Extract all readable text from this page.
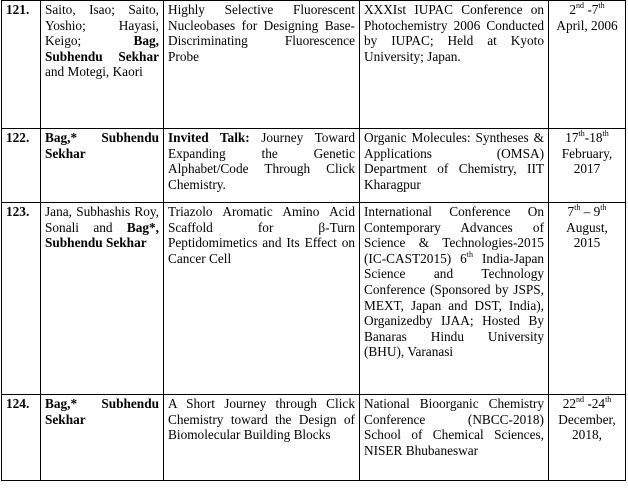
121.	Saito, Isao; Saito, Yoshio; Hayasi, Keigo; Bag, Subhendu Sekhar and Motegi, Kaori	Highly Selective Fluorescent Nucleobases for Designing Base-Discriminating Fluorescence Probe	XXXIst IUPAC Conference on Photochemistry 2006 Conducted by IUPAC; Held at Kyoto University; Japan.	2nd -7th April, 2006
122.	Bag,* Subhendu Sekhar	Invited Talk: Journey Toward Expanding the Genetic Alphabet/Code Through Click Chemistry.	Organic Molecules: Syntheses & Applications (OMSA) Department of Chemistry, IIT Kharagpur	17th-18th February, 2017
123.	Jana, Subhashis Roy, Sonali and Bag*, Subhendu Sekhar	Triazolo Aromatic Amino Acid Scaffold for β-Turn Peptidomimetics and Its Effect on Cancer Cell	International Conference On Contemporary Advances of Science & Technologies-2015 (IC-CAST2015) 6th India-Japan Science and Technology Conference (Sponsored by JSPS, MEXT, Japan and DST, India), Organizedby IJAA; Hosted By Banaras Hindu University (BHU), Varanasi	7th – 9th August, 2015
124.	Bag,* Subhendu Sekhar	A Short Journey through Click Chemistry toward the Design of Biomolecular Building Blocks	National Bioorganic Chemistry Conference (NBCC-2018) School of Chemical Sciences, NISER Bhubaneswar	22nd -24th December, 2018,
